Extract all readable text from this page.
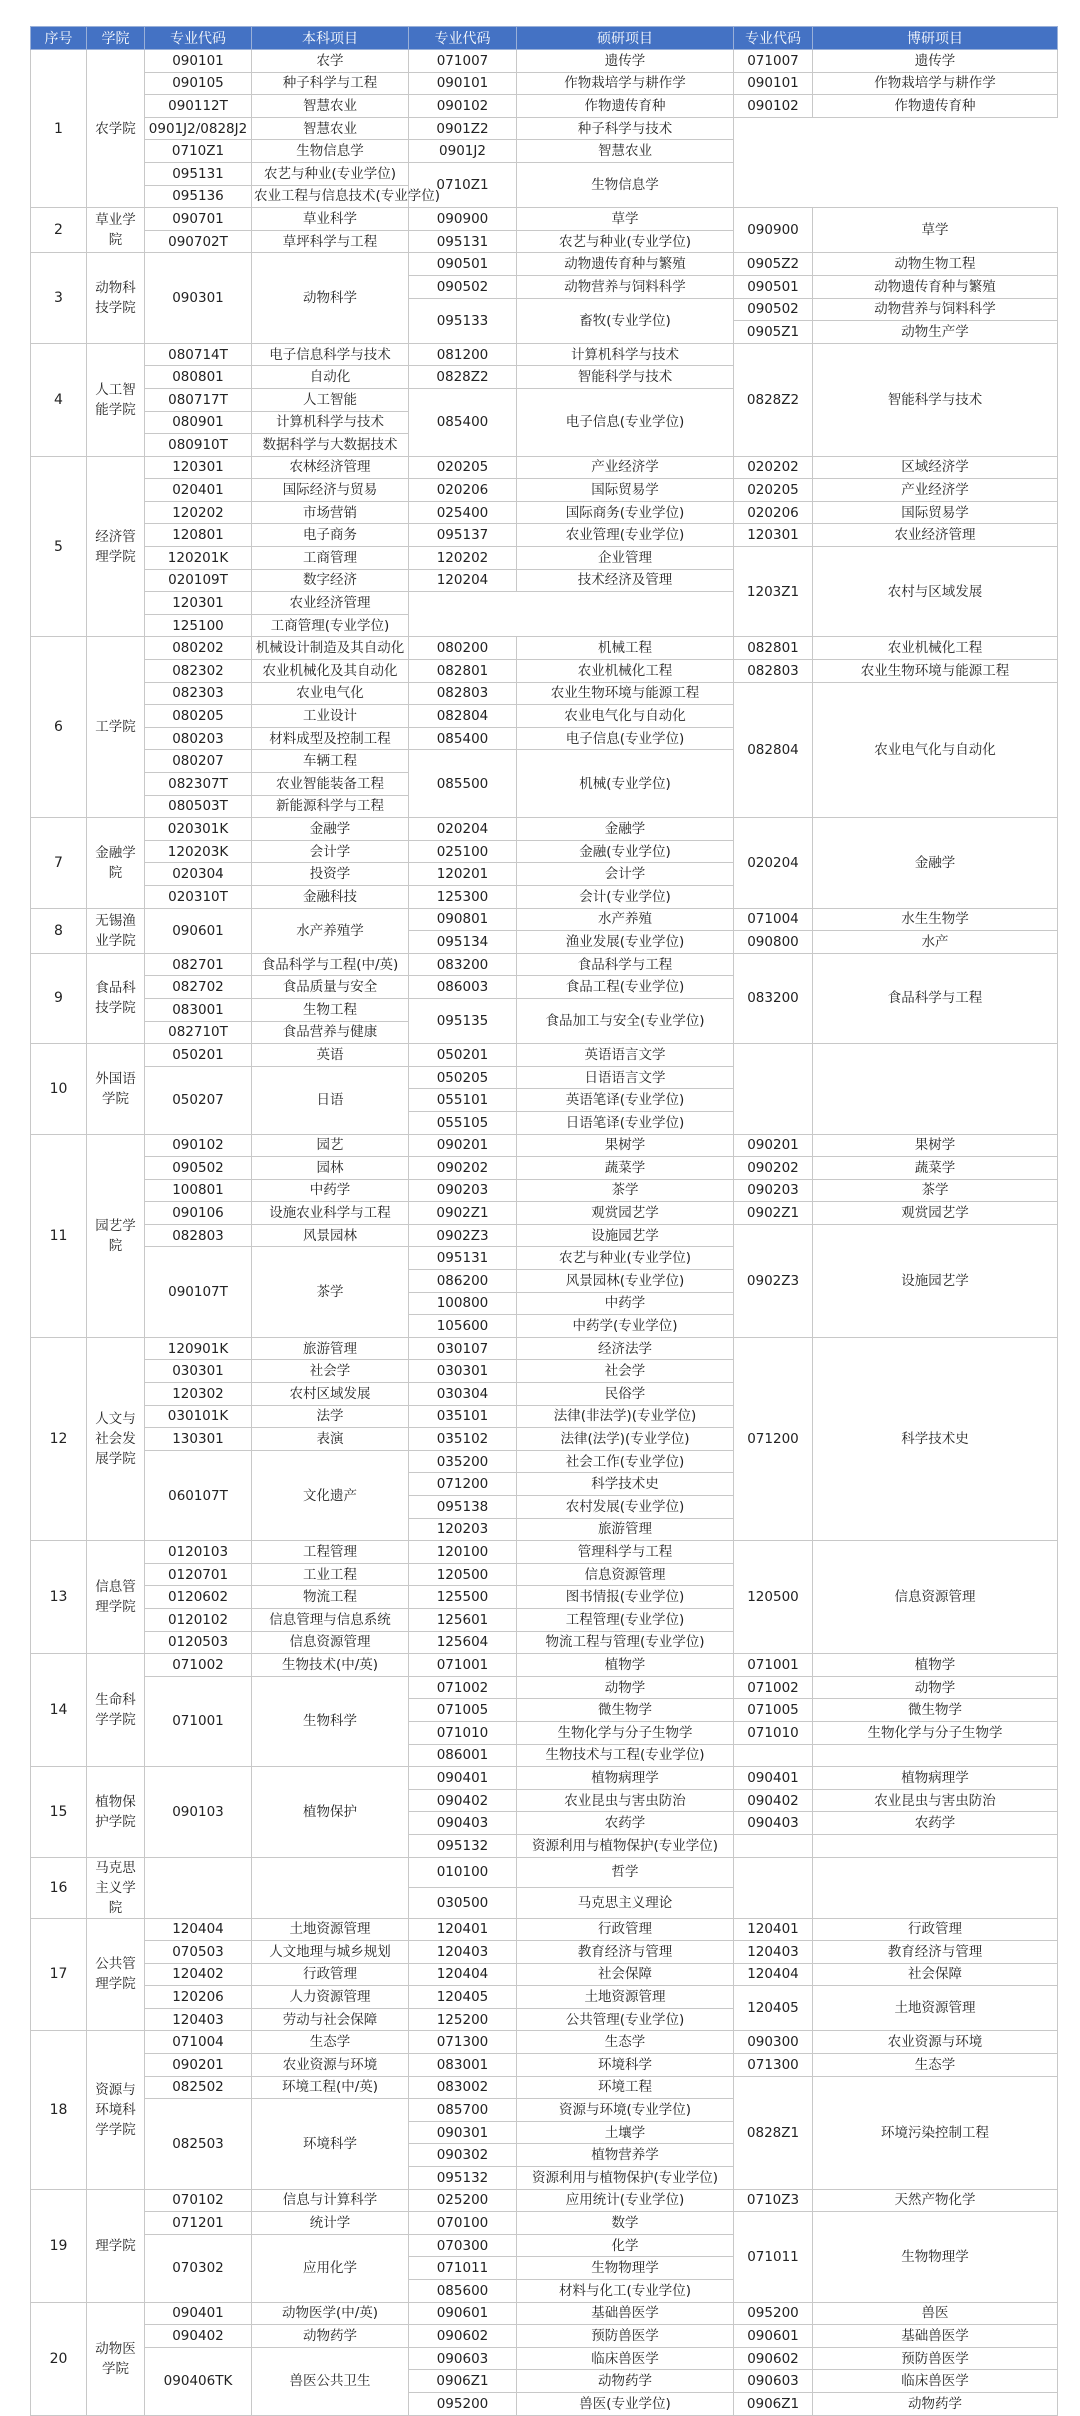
序号	学院	专业代码	本科项目	专业代码	硕研项目	专业代码	博研项目
1	农学院	090101	农学	071007	遗传学	071007	遗传学
		090105	种子科学与工程	090101	作物栽培学与耕作学	090101	作物栽培学与耕作学
		090112T	智慧农业	090102	作物遗传育种	090102	作物遗传育种
		0901J2/0828J2	智慧农业	0901Z2	种子科学与技术		

		0710Z1	生物信息学	0901J2	智慧农业		
		095131	农艺与种业(专业学位)	0710Z1	生物信息学		
		095136	农业工程与信息技术(专业学位)				

2	草业学院	090701	草业科学	090900	草学	090900	草学
		090702T	草坪科学与工程	095131	农艺与种业(专业学位)		
3	动物科技学院	090301	动物科学	090501	动物遗传育种与繁殖	0905Z2	动物生物工程
				090502	动物营养与饲料科学	090501	动物遗传育种与繁殖
				095133	畜牧(专业学位)	090502	动物营养与饲料科学
						0905Z1	动物生产学
4	人工智能学院	080714T	电子信息科学与技术	081200	计算机科学与技术	0828Z2	智能科学与技术
		080801	自动化	0828Z2	智能科学与技术		
		080717T	人工智能	085400	电子信息(专业学位)		
		080901	计算机科学与技术				
		080910T	数据科学与大数据技术				
5	经济管理学院	120301	农林经济管理	020205	产业经济学	020202	区域经济学
		020401	国际经济与贸易	020206	国际贸易学	020205	产业经济学
		120202	市场营销	025400	国际商务(专业学位)	020206	国际贸易学
		120801	电子商务	095137	农业管理(专业学位)	120301	农业经济管理
		120201K	工商管理	120202	企业管理	1203Z1	农村与区域发展
		020109T	数字经济	120204	技术经济及管理		
		120301	农业经济管理				
		125100	工商管理(专业学位)				
6	工学院	080202	机械设计制造及其自动化	080200	机械工程	082801	农业机械化工程
		082302	农业机械化及其自动化	082801	农业机械化工程	082803	农业生物环境与能源工程
		082303	农业电气化	082803	农业生物环境与能源工程	082804	农业电气化与自动化
		080205	工业设计	082804	农业电气化与自动化		
		080203	材料成型及控制工程	085400	电子信息(专业学位)		
		080207	车辆工程	085500	机械(专业学位)		
		082307T	农业智能装备工程				
		080503T	新能源科学与工程				
7	金融学院	020301K	金融学	020204	金融学	020204	金融学
		120203K	会计学	025100	金融(专业学位)		
		020304	投资学	120201	会计学		
		020310T	金融科技	125300	会计(专业学位)		
8	无锡渔业学院	090601	水产养殖学	090801	水产养殖	071004	水生生物学
				095134	渔业发展(专业学位)	090800	水产
9	食品科技学院	082701	食品科学与工程(中/英)	083200	食品科学与工程	083200	食品科学与工程
		082702	食品质量与安全	086003	食品工程(专业学位)		
		083001	生物工程	095135	食品加工与安全(专业学位)		
		082710T	食品营养与健康				
10	外国语学院	050201	英语	050201	英语语言文学		
		050207	日语	050205	日语语言文学		
				055101	英语笔译(专业学位)		
				055105	日语笔译(专业学位)		
11	园艺学院	090102	园艺	090201	果树学	090201	果树学
		090502	园林	090202	蔬菜学	090202	蔬菜学
		100801	中药学	090203	茶学	090203	茶学
		090106	设施农业科学与工程	0902Z1	观赏园艺学	0902Z1	观赏园艺学
		082803	风景园林	0902Z3	设施园艺学	0902Z3	设施园艺学
		090107T	茶学	095131	农艺与种业(专业学位)		
				086200	风景园林(专业学位)		
				100800	中药学		
				105600	中药学(专业学位)		
12	人文与社会发展学院	120901K	旅游管理	030107	经济法学	071200	科学技术史
		030301	社会学	030301	社会学		
		120302	农村区域发展	030304	民俗学		
		030101K	法学	035101	法律(非法学)(专业学位)		
		130301	表演	035102	法律(法学)(专业学位)		
		060107T	文化遗产	035200	社会工作(专业学位)		
				071200	科学技术史		
				095138	农村发展(专业学位)		
				120203	旅游管理		
13	信息管理学院	0120103	工程管理	120100	管理科学与工程	120500	信息资源管理
		0120701	工业工程	120500	信息资源管理		
		0120602	物流工程	125500	图书情报(专业学位)		
		0120102	信息管理与信息系统	125601	工程管理(专业学位)		
		0120503	信息资源管理	125604	物流工程与管理(专业学位)		
14	生命科学学院	071002	生物技术(中/英)	071001	植物学	071001	植物学
		071001	生物科学	071002	动物学	071002	动物学
				071005	微生物学	071005	微生物学
				071010	生物化学与分子生物学	071010	生物化学与分子生物学
				086001	生物技术与工程(专业学位)		
15	植物保护学院	090103	植物保护	090401	植物病理学	090401	植物病理学
				090402	农业昆虫与害虫防治	090402	农业昆虫与害虫防治
				090403	农药学	090403	农药学
				095132	资源利用与植物保护(专业学位)		
16	马克思主义学院			010100	哲学		
				030500	马克思主义理论		
17	公共管理学院	120404	土地资源管理	120401	行政管理	120401	行政管理
		070503	人文地理与城乡规划	120403	教育经济与管理	120403	教育经济与管理
		120402	行政管理	120404	社会保障	120404	社会保障
		120206	人力资源管理	120405	土地资源管理	120405	土地资源管理
		120403	劳动与社会保障	125200	公共管理(专业学位)		
18	资源与环境科学学院	071004	生态学	071300	生态学	090300	农业资源与环境
		090201	农业资源与环境	083001	环境科学	071300	生态学
		082502	环境工程(中/英)	083002	环境工程	0828Z1	环境污染控制工程
		082503	环境科学	085700	资源与环境(专业学位)		
				090301	土壤学		
				090302	植物营养学		
				095132	资源利用与植物保护(专业学位)		
19	理学院	070102	信息与计算科学	025200	应用统计(专业学位)	0710Z3	天然产物化学
		071201	统计学	070100	数学	071011	生物物理学
		070302	应用化学	070300	化学		
				071011	生物物理学		
				085600	材料与化工(专业学位)		
20	动物医学院	090401	动物医学(中/英)	090601	基础兽医学	095200	兽医
		090402	动物药学	090602	预防兽医学	090601	基础兽医学
		090406TK	兽医公共卫生	090603	临床兽医学	090602	预防兽医学
				0906Z1	动物药学	090603	临床兽医学
				095200	兽医(专业学位)	0906Z1	动物药学
